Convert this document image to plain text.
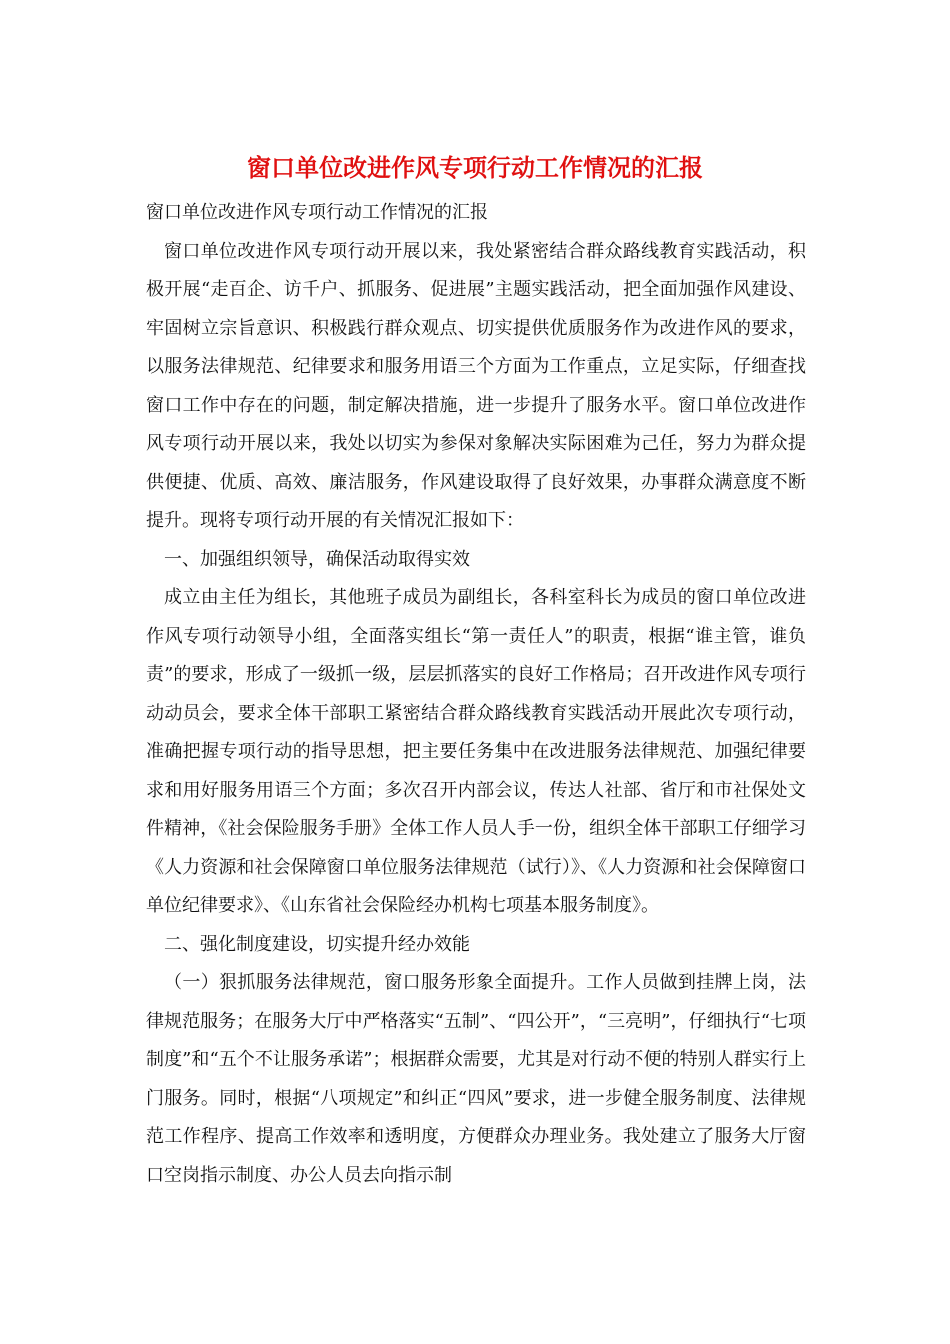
窗口单位改进作风专项行动工作情况的汇报

窗口单位改进作风专项行动工作情况的汇报

窗口单位改进作风专项行动开展以来，我处紧密结合群众路线教育实践活动，积极开展“走百企、访千户、抓服务、促进展”主题实践活动，把全面加强作风建设、牢固树立宗旨意识、积极践行群众观点、切实提供优质服务作为改进作风的要求，以服务法律规范、纪律要求和服务用语三个方面为工作重点，立足实际，仔细查找窗口工作中存在的问题，制定解决措施，进一步提升了服务水平。窗口单位改进作风专项行动开展以来，我处以切实为参保对象解决实际困难为己任，努力为群众提供便捷、优质、高效、廉洁服务，作风建设取得了良好效果，办事群众满意度不断提升。现将专项行动开展的有关情况汇报如下：

一、加强组织领导，确保活动取得实效

成立由主任为组长，其他班子成员为副组长，各科室科长为成员的窗口单位改进作风专项行动领导小组，全面落实组长“第一责任人”的职责，根据“谁主管，谁负责”的要求，形成了一级抓一级，层层抓落实的良好工作格局；召开改进作风专项行动动员会，要求全体干部职工紧密结合群众路线教育实践活动开展此次专项行动，准确把握专项行动的指导思想，把主要任务集中在改进服务法律规范、加强纪律要求和用好服务用语三个方面；多次召开内部会议，传达人社部、省厅和市社保处文件精神，《社会保险服务手册》全体工作人员人手一份，组织全体干部职工仔细学习《人力资源和社会保障窗口单位服务法律规范（试行）》、《人力资源和社会保障窗口单位纪律要求》、《山东省社会保险经办机构七项基本服务制度》。

二、强化制度建设，切实提升经办效能

（一）狠抓服务法律规范，窗口服务形象全面提升。工作人员做到挂牌上岗，法律规范服务；在服务大厅中严格落实“五制”、“四公开”，“三亮明”，仔细执行“七项制度”和“五个不让服务承诺”；根据群众需要，尤其是对行动不便的特别人群实行上门服务。同时，根据“八项规定”和纠正“四风”要求，进一步健全服务制度、法律规范工作程序、提高工作效率和透明度，方便群众办理业务。我处建立了服务大厅窗口空岗指示制度、办公人员去向指示制
